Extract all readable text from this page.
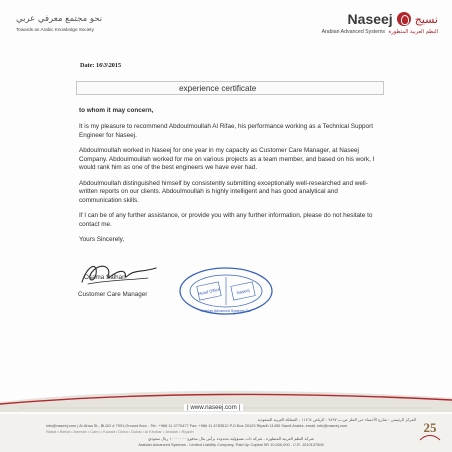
نحو مجتمع معرفي عربي
Towards an Arabic Knowledge Society
Naseej نسيج
Arabian Advanced Systems النظم العربية المتطورة
Date: 16\3\2015
experience certificate

to whom it may concern,

It is my pleasure to recommend Abdoulmoullah Al Rifae, his performance working as a Technical Support Engineer for Naseej.

Abdoulmoullah worked in Naseej for one year in my capacity as Customer Care Manager, at Naseej Company. Abdoulmoullah worked for me on various projects as a team member, and based on his work, I would rank him as one of the best engineers we have ever had.

Abdoulmoullah distinguished himself by consistently submitting exceptionally well-researched and well-written reports on our clients. Abdoulmoullah is highly intelligent and has good analytical and communication skills.

If I can be of any further assistance, or provide you with any further information, please do not hesitate to contact me.

Yours Sincerely,

Osama Salhan
Customer Care Manager	Head Office	Naseej
Arabian Advanced Systems Co.
| www.naseej.com |
المركز الرئيسي : شارع الأحساء حي الملز ص.ب ٧٤٩٧ - الرياض ١١٤٦٤ - المملكة العربية السعودية
info@naseej.com | Al-Ahsa St., BLDG # 7991,Ground floor - Tel.: +966 11 4770477 Fax: +966 11 4783512 P.O.Box 20129 Riyadh 11455 Saudi Arabia, email: info@naseej.com
Rabat • Beirut • Amman • Cairo • Kuwait • Doha • Dubai • Al Khobar • Jeddah • Riyadh
شركة النظم العربية المتطورة - شركة ذات مسؤولية محدودة برأس مال مدفوع ١٠٠٠٠٠٠٠ ريال سعودي
Arabian Advanced Systems - Limited Liability Company, Paid Up Capital SR 10,000,000 - C.R. 1010137506
25
